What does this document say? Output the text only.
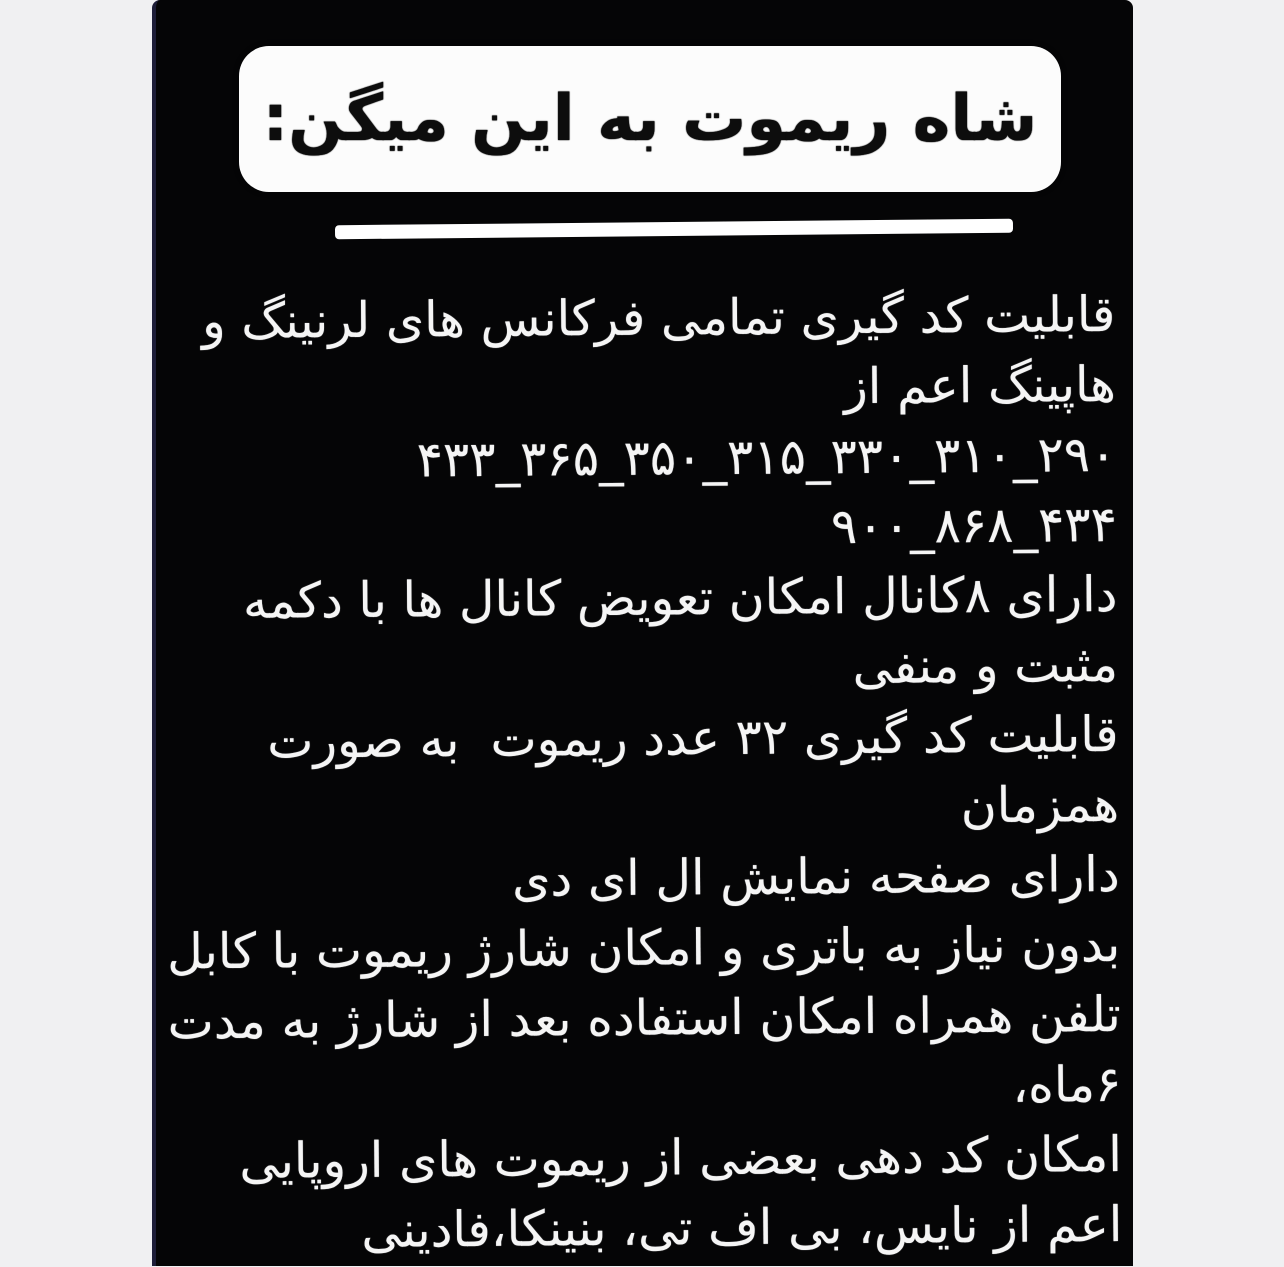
شاه ریموت به این میگن:
قابلیت کد گیری تمامی فرکانس های لرنینگ و
هاپینگ اعم از
۲۹۰_۳۱۰_۳۳۰_۳۱۵_۳۵۰_۳۶۵_۴۳۳
۴۳۴_۸۶۸_۹۰۰
دارای ۸کانال امکان تعویض کانال ها با دکمه
مثبت و منفی
قابلیت کد گیری ۳۲ عدد ریموت  به صورت
همزمان
دارای صفحه نمایش ال ای دی
بدون نیاز به باتری و امکان شارژ ریموت با کابل
تلفن همراه امکان استفاده بعد از شارژ به مدت
۶ماه،
امکان کد دهی بعضی از ریموت های اروپایی
اعم از نایس، بی اف تی، بنینکا،فادینی
